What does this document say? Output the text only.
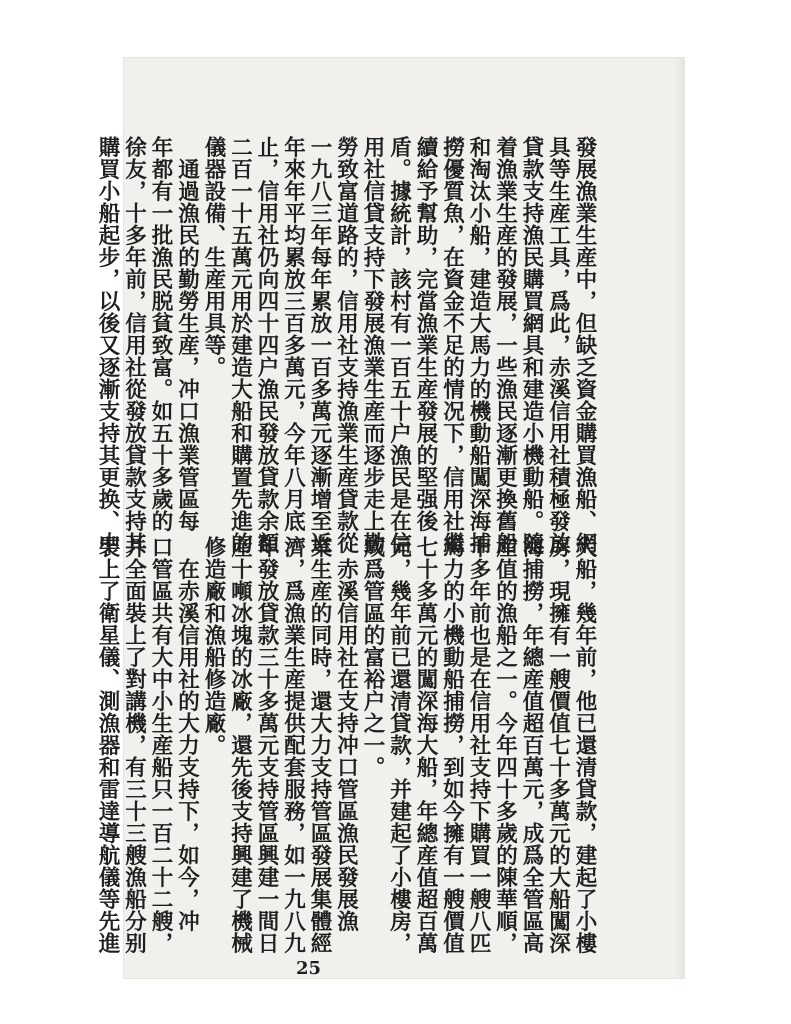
發展漁業生産中，但缺乏資金購買漁船、網
具等生産工具，爲此，赤溪信用社積極發放
貸款支持漁民購買網具和建造小機動船。隨
着漁業生産的發展，一些漁民逐漸更換舊船
和淘汰小船，建造大馬力的機動船闖深海捕
撈優質魚，在資金不足的情况下，信用社繼
續給予幫助，完當漁業生産發展的堅强後
盾。據統計，該村有一百五十户漁民是在信
用社信貸支持下發展漁業生産而逐步走上勤
勞致富道路的，信用社支持漁業生産貸款從
一九八三年每年累放一百多萬元逐漸增至近
年來年平均累放三百多萬元，今年八月底
止，信用社仍向四十四户漁民發放貸款余額
二百一十五萬元用於建造大船和購置先進的
儀器設備、生産用具等。
　通過漁民的勤勞生産，冲口漁業管區每
年都有一批漁民脱貧致富。如五十多歲的
徐友，十多年前，信用社從發放貸款支持其
購買小船起步，以後又逐漸支持其更换、中
大船，幾年前，他已還清貸款，建起了小樓
房，現擁有一艘價值七十多萬元的大船闖深
海捕撈，年總産值超百萬元，成爲全管區高
産值的漁船之一。今年四十多歲的陳華順，
十多年前也是在信用社支持下購買一艘八匹
馬力的小機動船捕撈，到如今擁有一艘價值
七十多萬元的闖深海大船，年總産值超百萬
元，幾年前已還清貸款，并建起了小樓房，
成爲管區的富裕户之一。
　赤溪信用社在支持冲口管區漁民發展漁
業生産的同時，還大力支持管區發展集體經
濟，爲漁業生産提供配套服務，如一九八九
年發放貸款三十多萬元支持管區興建一間日
産十噸冰塊的冰廠，還先後支持興建了機械
修造廠和漁船修造廠。
　在赤溪信用社的大力支持下，如今，冲
口管區共有大中小生産船只一百二十二艘，
并全面裝上了對講機，有三十三艘漁船分别
裝上了衛星儀、測漁器和雷達導航儀等先進
25
